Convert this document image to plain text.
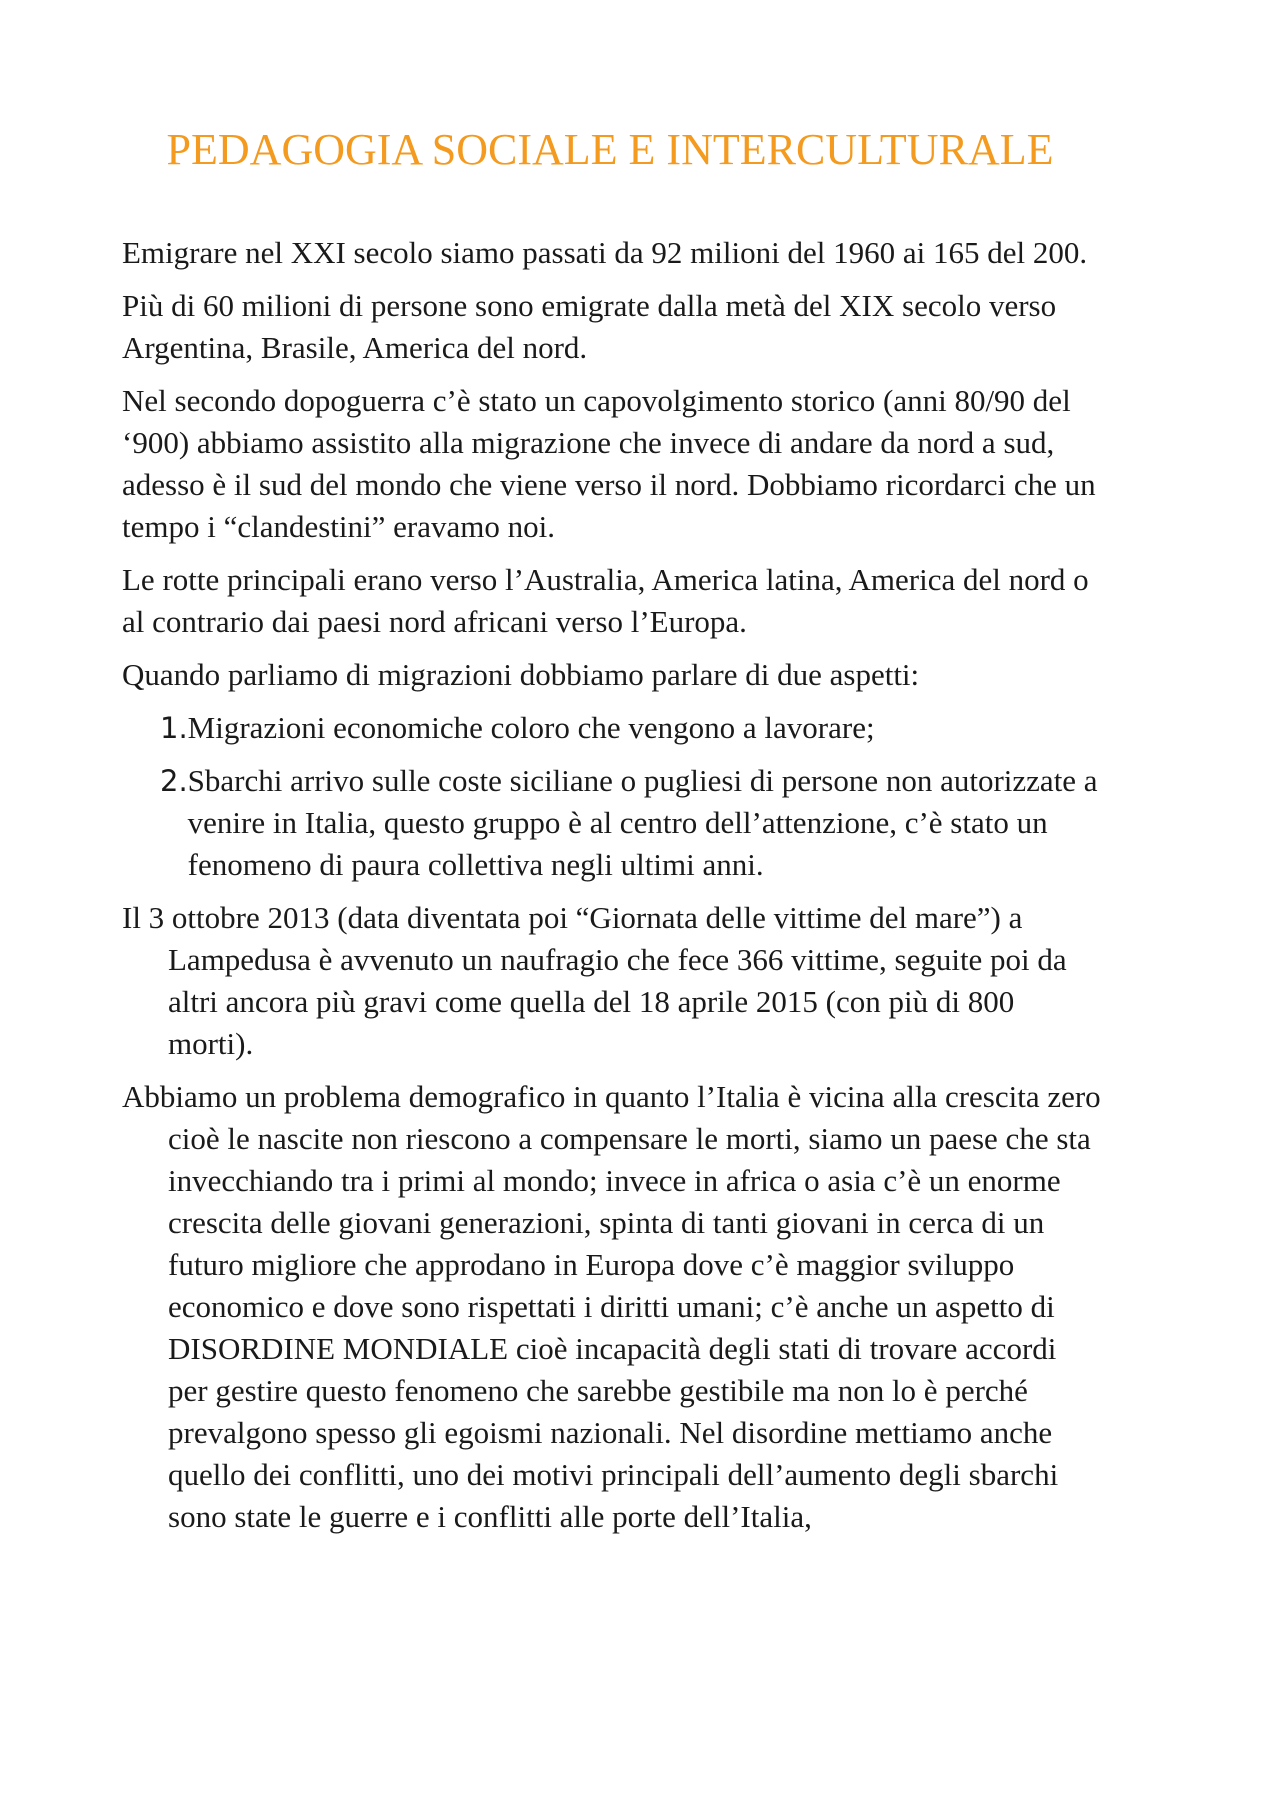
PEDAGOGIA SOCIALE E INTERCULTURALE

Emigrare nel XXI secolo siamo passati da 92 milioni del 1960 ai 165 del 200.

Più di 60 milioni di persone sono emigrate dalla metà del XIX secolo verso Argentina, Brasile, America del nord.

Nel secondo dopoguerra c’è stato un capovolgimento storico (anni 80/90 del ‘900) abbiamo assistito alla migrazione che invece di andare da nord a sud, adesso è il sud del mondo che viene verso il nord. Dobbiamo ricordarci che un tempo i “clandestini” eravamo noi.

Le rotte principali erano verso l’Australia, America latina, America del nord o al contrario dai paesi nord africani verso l’Europa.

Quando parliamo di migrazioni dobbiamo parlare di due aspetti:

1. Migrazioni economiche coloro che vengono a lavorare;
2. Sbarchi arrivo sulle coste siciliane o pugliesi di persone non autorizzate a venire in Italia, questo gruppo è al centro dell’attenzione, c’è stato un fenomeno di paura collettiva negli ultimi anni.

Il 3 ottobre 2013 (data diventata poi “Giornata delle vittime del mare”) a Lampedusa è avvenuto un naufragio che fece 366 vittime, seguite poi da altri ancora più gravi come quella del 18 aprile 2015 (con più di 800 morti).

Abbiamo un problema demografico in quanto l’Italia è vicina alla crescita zero cioè le nascite non riescono a compensare le morti, siamo un paese che sta invecchiando tra i primi al mondo; invece in africa o asia c’è un enorme crescita delle giovani generazioni, spinta di tanti giovani in cerca di un futuro migliore che approdano in Europa dove c’è maggior sviluppo economico e dove sono rispettati i diritti umani; c’è anche un aspetto di DISORDINE MONDIALE cioè incapacità degli stati di trovare accordi per gestire questo fenomeno che sarebbe gestibile ma non lo è perché prevalgono spesso gli egoismi nazionali. Nel disordine mettiamo anche quello dei conflitti, uno dei motivi principali dell’aumento degli sbarchi sono state le guerre e i conflitti alle porte dell’Italia,
